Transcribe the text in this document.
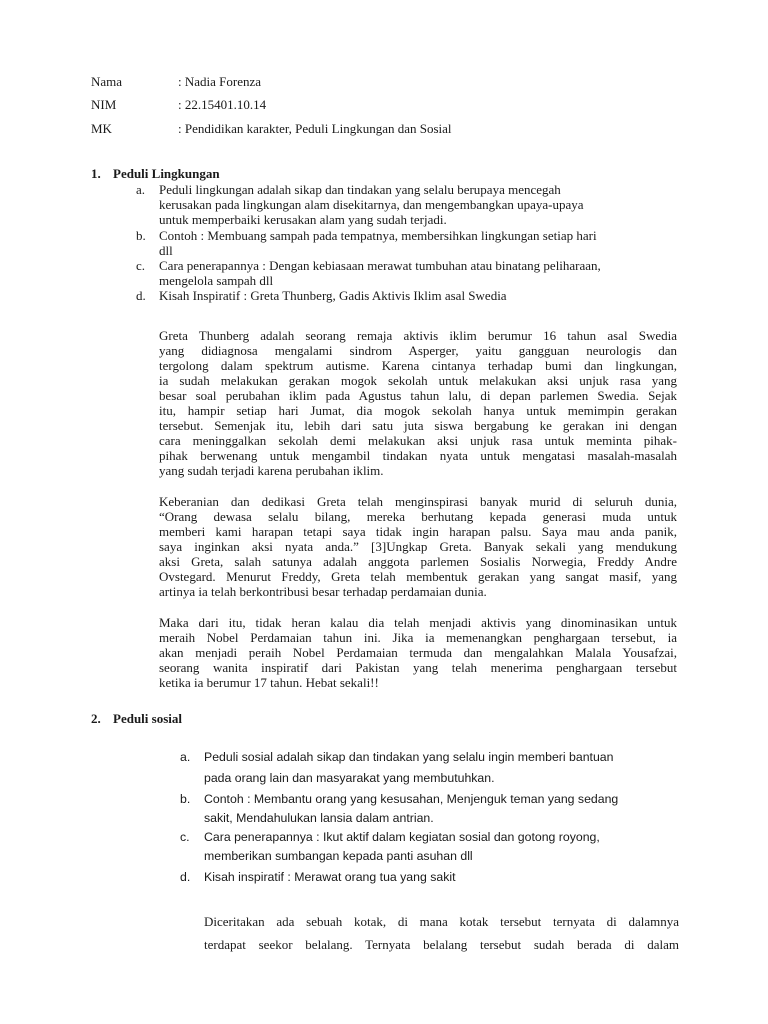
Nama	: Nadia Forenza
NIM	: 22.15401.10.14
MK	: Pendidikan karakter, Peduli Lingkungan dan Sosial
1. Peduli Lingkungan
a. Peduli lingkungan adalah sikap dan tindakan yang selalu berupaya mencegah
kerusakan pada lingkungan alam disekitarnya, dan mengembangkan upaya-upaya
untuk memperbaiki kerusakan alam yang sudah terjadi.
b. Contoh : Membuang sampah pada tempatnya, membersihkan lingkungan setiap hari
dll
c. Cara penerapannya : Dengan kebiasaan merawat tumbuhan atau binatang peliharaan,
mengelola sampah dll
d. Kisah Inspiratif : Greta Thunberg, Gadis Aktivis Iklim asal Swedia
Greta Thunberg adalah seorang remaja aktivis iklim berumur 16 tahun asal Swedia
yang didiagnosa mengalami sindrom Asperger, yaitu gangguan neurologis dan
tergolong dalam spektrum autisme. Karena cintanya terhadap bumi dan lingkungan,
ia sudah melakukan gerakan mogok sekolah untuk melakukan aksi unjuk rasa yang
besar soal perubahan iklim pada Agustus tahun lalu, di depan parlemen Swedia. Sejak
itu, hampir setiap hari Jumat, dia mogok sekolah hanya untuk memimpin gerakan
tersebut. Semenjak itu, lebih dari satu juta siswa bergabung ke gerakan ini dengan
cara meninggalkan sekolah demi melakukan aksi unjuk rasa untuk meminta pihak-
pihak berwenang untuk mengambil tindakan nyata untuk mengatasi masalah-masalah
yang sudah terjadi karena perubahan iklim.
Keberanian dan dedikasi Greta telah menginspirasi banyak murid di seluruh dunia,
“Orang dewasa selalu bilang, mereka berhutang kepada generasi muda untuk
memberi kami harapan tetapi saya tidak ingin harapan palsu. Saya mau anda panik,
saya inginkan aksi nyata anda.” [3]Ungkap Greta. Banyak sekali yang mendukung
aksi Greta, salah satunya adalah anggota parlemen Sosialis Norwegia, Freddy Andre
Ovstegard. Menurut Freddy, Greta telah membentuk gerakan yang sangat masif, yang
artinya ia telah berkontribusi besar terhadap perdamaian dunia.
Maka dari itu, tidak heran kalau dia telah menjadi aktivis yang dinominasikan untuk
meraih Nobel Perdamaian tahun ini. Jika ia memenangkan penghargaan tersebut, ia
akan menjadi peraih Nobel Perdamaian termuda dan mengalahkan Malala Yousafzai,
seorang wanita inspiratif dari Pakistan yang telah menerima penghargaan tersebut
ketika ia berumur 17 tahun. Hebat sekali!!
2. Peduli sosial
a. Peduli sosial adalah sikap dan tindakan yang selalu ingin memberi bantuan
pada orang lain dan masyarakat yang membutuhkan.
b. Contoh : Membantu orang yang kesusahan, Menjenguk teman yang sedang
sakit, Mendahulukan lansia dalam antrian.
c. Cara penerapannya : Ikut aktif dalam kegiatan sosial dan gotong royong,
memberikan sumbangan kepada panti asuhan dll
d. Kisah inspiratif : Merawat orang tua yang sakit
Diceritakan ada sebuah kotak, di mana kotak tersebut ternyata di dalamnya
terdapat seekor belalang. Ternyata belalang tersebut sudah berada di dalam
